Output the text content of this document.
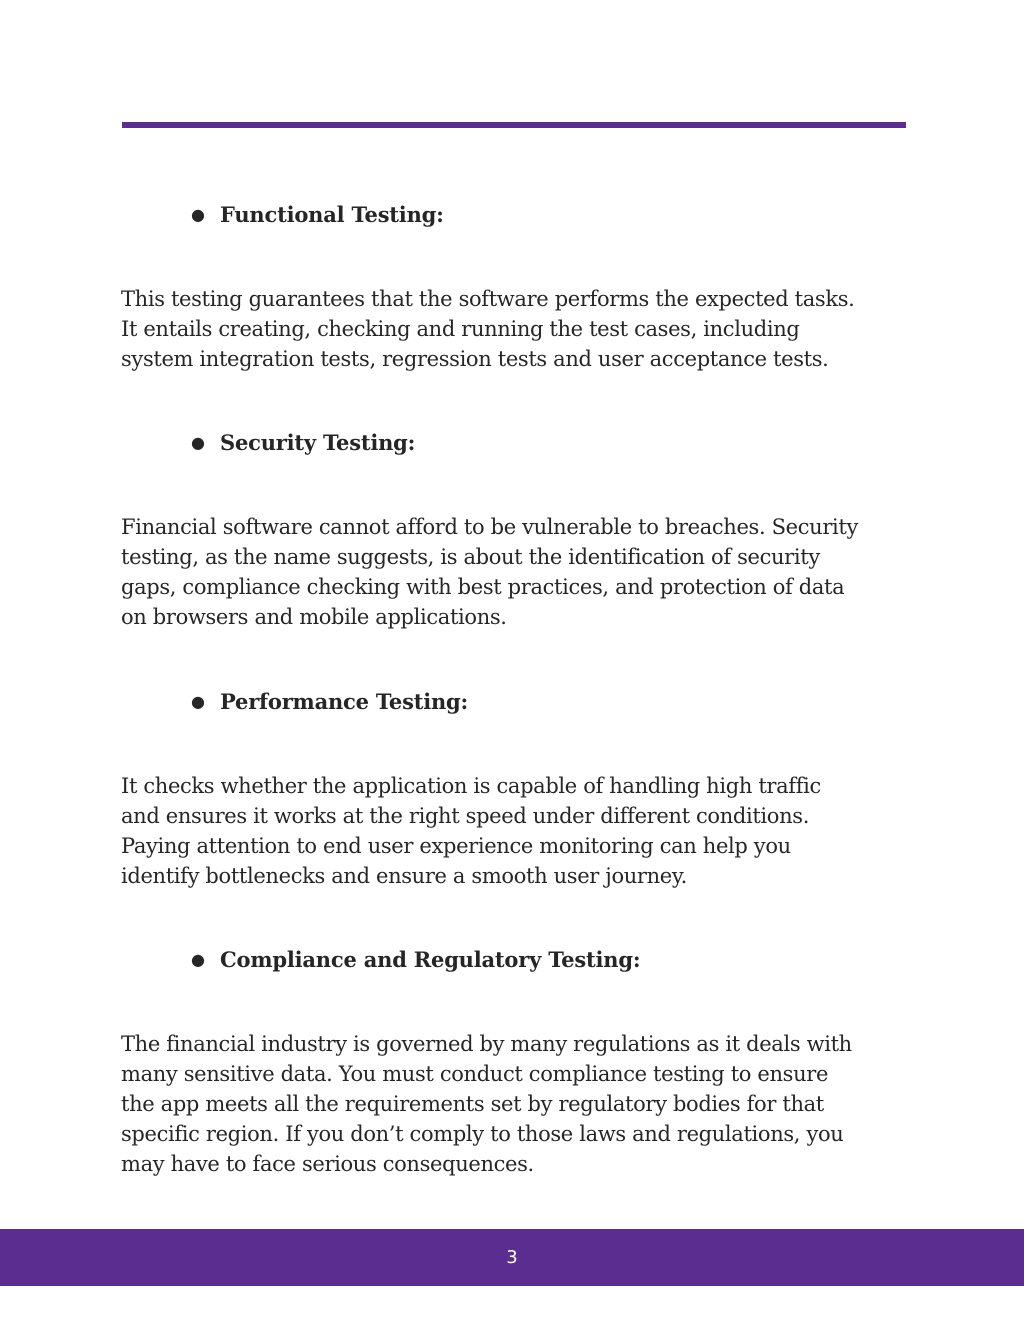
● Functional Testing:
This testing guarantees that the software performs the expected tasks.
It entails creating, checking and running the test cases, including
system integration tests, regression tests and user acceptance tests.
● Security Testing:
Financial software cannot afford to be vulnerable to breaches. Security
testing, as the name suggests, is about the identification of security
gaps, compliance checking with best practices, and protection of data
on browsers and mobile applications.
● Performance Testing:
It checks whether the application is capable of handling high traffic
and ensures it works at the right speed under different conditions.
Paying attention to end user experience monitoring can help you
identify bottlenecks and ensure a smooth user journey.
● Compliance and Regulatory Testing:
The financial industry is governed by many regulations as it deals with
many sensitive data. You must conduct compliance testing to ensure
the app meets all the requirements set by regulatory bodies for that
specific region. If you don’t comply to those laws and regulations, you
may have to face serious consequences.
3
